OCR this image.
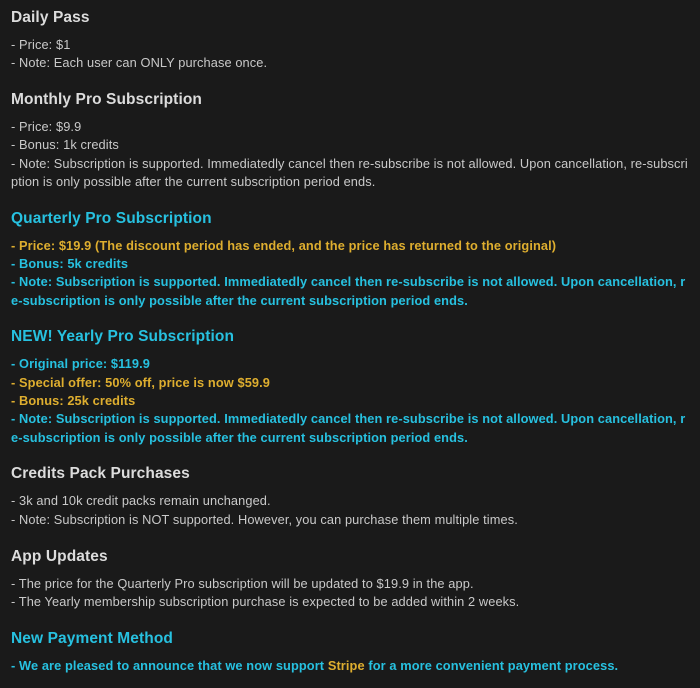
Daily Pass
- Price: $1
- Note: Each user can ONLY purchase once.
Monthly Pro Subscription
- Price: $9.9
- Bonus: 1k credits
- Note: Subscription is supported. Immediatedly cancel then re-subscribe is not allowed. Upon cancellation, re-subscription is only possible after the current subscription period ends.
Quarterly Pro Subscription
- Price: $19.9 (The discount period has ended, and the price has returned to the original)
- Bonus: 5k credits
- Note: Subscription is supported. Immediatedly cancel then re-subscribe is not allowed. Upon cancellation, re-subscription is only possible after the current subscription period ends.
NEW! Yearly Pro Subscription
- Original price: $119.9
- Special offer: 50% off, price is now $59.9
- Bonus: 25k credits
- Note: Subscription is supported. Immediatedly cancel then re-subscribe is not allowed. Upon cancellation, re-subscription is only possible after the current subscription period ends.
Credits Pack Purchases
- 3k and 10k credit packs remain unchanged.
- Note: Subscription is NOT supported. However, you can purchase them multiple times.
App Updates
- The price for the Quarterly Pro subscription will be updated to $19.9 in the app.
- The Yearly membership subscription purchase is expected to be added within 2 weeks.
New Payment Method
- We are pleased to announce that we now support Stripe for a more convenient payment process.
